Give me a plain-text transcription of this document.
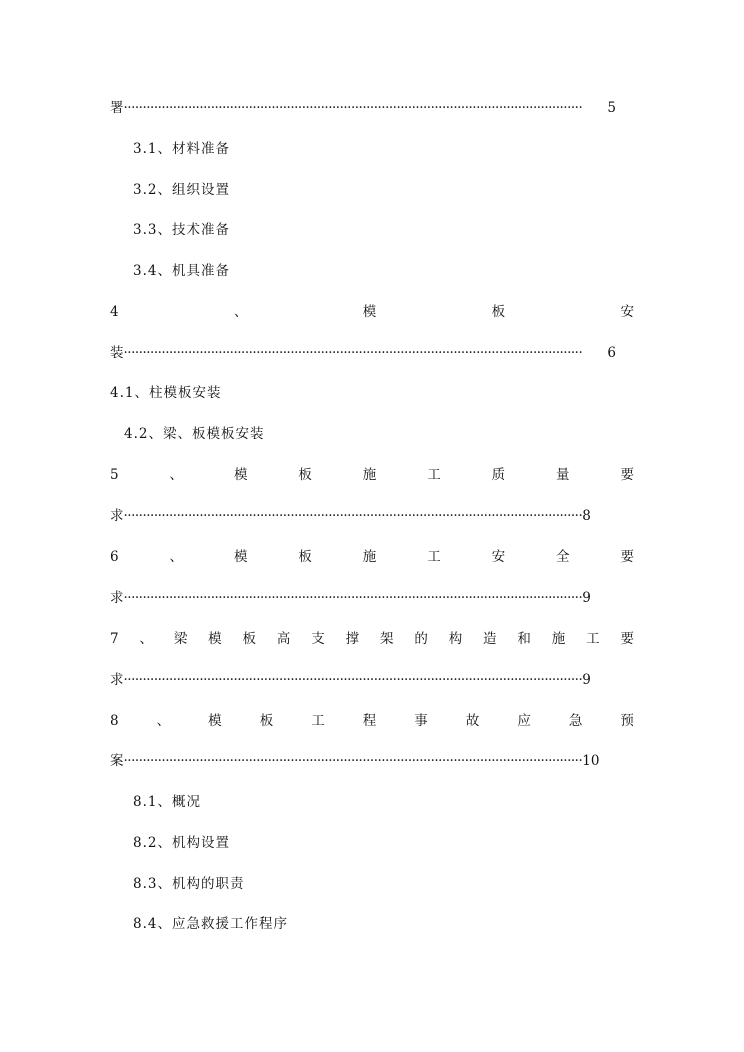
署 ·························································································································	5
3.1、材料准备
3.2、组织设置
3.3、技术准备
3.4、机具准备
4	、	模	板	安
装 ·························································································································	6
4.1、柱模板安装
4.2、梁、板模板安装
5	、	模	板	施	工	质	量	要
求 ························································································································· 8
6	、	模	板	施	工	安	全	要
求 ························································································································· 9
7 、 梁 模 板 高 支 撑 架 的 构 造 和 施 工 要
求 ························································································································· 9
8	、	模	板	工	程	事	故	应	急	预
案 ························································································································· 10
8.1、概况
8.2、机构设置
8.3、机构的职责
8.4、应急救援工作程序
